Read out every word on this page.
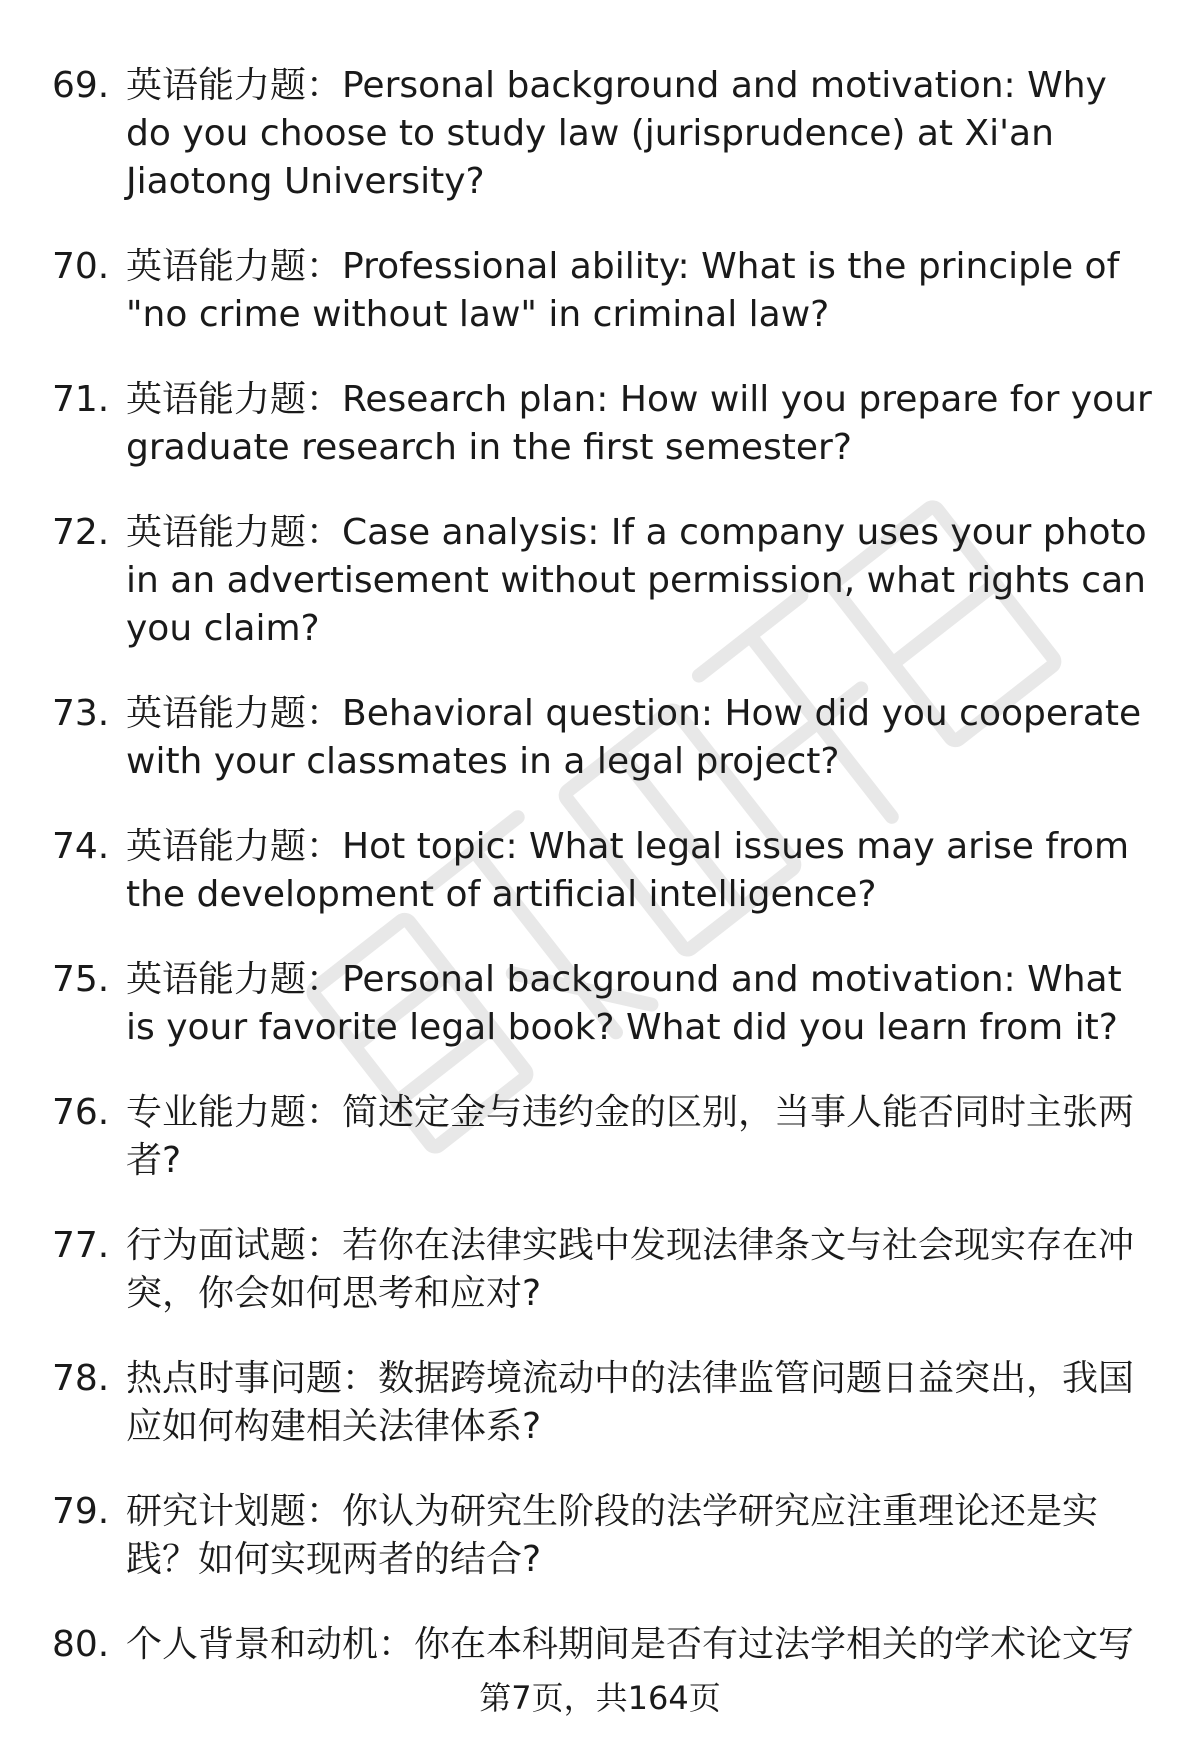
69. 英语能力题：Personal background and motivation: Why do you choose to study law (jurisprudence) at Xi'an Jiaotong University?
70. 英语能力题：Professional ability: What is the principle of "no crime without law" in criminal law?
71. 英语能力题：Research plan: How will you prepare for your graduate research in the first semester?
72. 英语能力题：Case analysis: If a company uses your photo in an advertisement without permission, what rights can you claim?
73. 英语能力题：Behavioral question: How did you cooperate with your classmates in a legal project?
74. 英语能力题：Hot topic: What legal issues may arise from the development of artificial intelligence?
75. 英语能力题：Personal background and motivation: What is your favorite legal book? What did you learn from it?
76. 专业能力题：简述定金与违约金的区别，当事人能否同时主张两者?
77. 行为面试题：若你在法律实践中发现法律条文与社会现实存在冲突，你会如何思考和应对?
78. 热点时事问题：数据跨境流动中的法律监管问题日益突出，我国应如何构建相关法律体系?
79. 研究计划题：你认为研究生阶段的法学研究应注重理论还是实践？如何实现两者的结合?
80. 个人背景和动机：你在本科期间是否有过法学相关的学术论文写
第7页，共164页
